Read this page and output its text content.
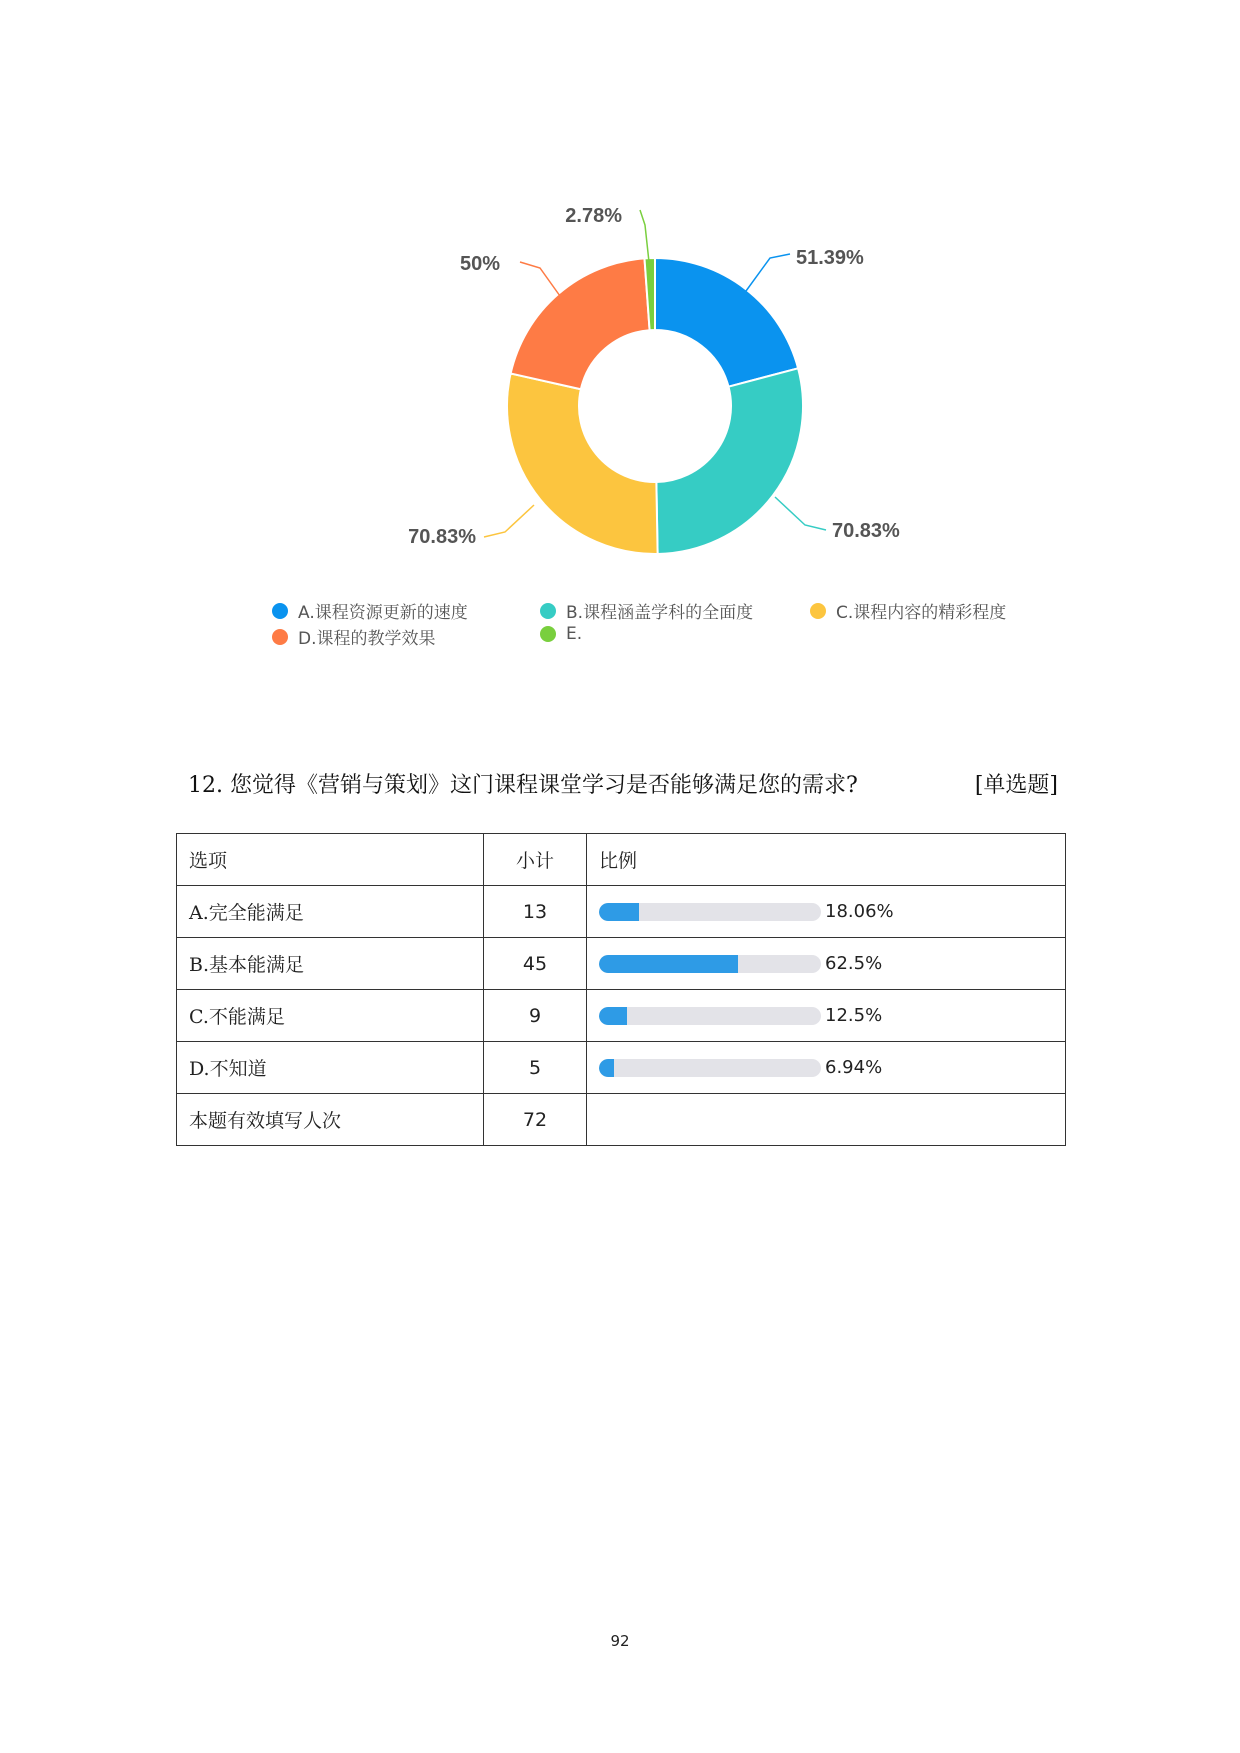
51.39%
70.83%
70.83%
50%
2.78%
A.课程资源更新的速度	B.课程涵盖学科的全面度	C.课程内容的精彩程度
D.课程的教学效果	E.
12. 您觉得《营销与策划》这门课程课堂学习是否能够满足您的需求?	[单选题]
选项	小计	比例
A.完全能满足	13	18.06%

B.基本能满足	45	62.5%

C.不能满足	9	12.5%

D.不知道	5	6.94%

本题有效填写人次	72	
92
